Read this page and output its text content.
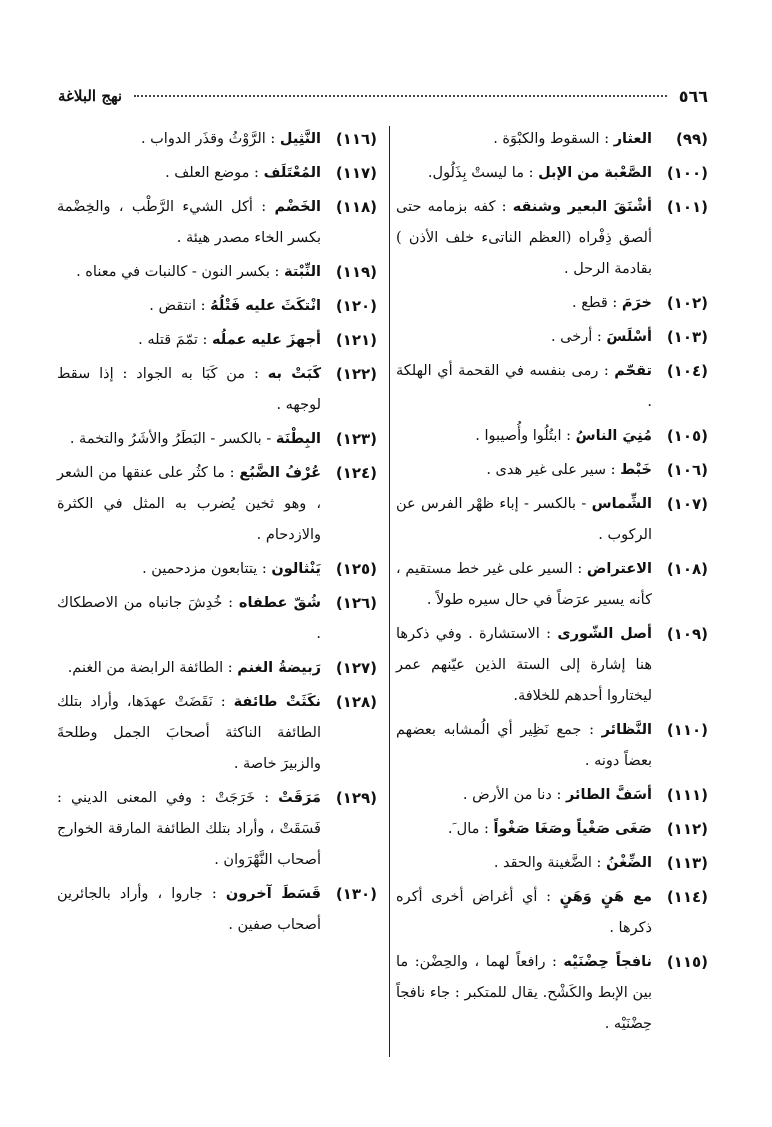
٥٦٦
نهج البلاغة
(٩٩)
العثار : السقوط والكبْوَة .
(١٠٠)
الصَّعْبة من الإبل : ما ليستْ بِذَلُول.
(١٠١)
أشْنَقَ البعير وشنقه : كفه بزمامه حتى ألصق ذِفْراه (العظم الناتىء خلف الأذن ) بقادمة الرحل .
(١٠٢)
خرَمَ : قطع .
(١٠٣)
أسْلَسَ : أرخى .
(١٠٤)
تقحّم : رمى بنفسه في القحمة أي الهلكة .
(١٠٥)
مُنِيَ الناسُ : ابتُلُوا وأُصيبوا .
(١٠٦)
خَبْط : سير على غير هدى .
(١٠٧)
الشِّماس - بالكسر - إباء ظهْر الفرس عن الركوب .
(١٠٨)
الاعتراض : السير على غير خط مستقيم ، كأنه يسير عرَضاً في حال سيره طولاً .
(١٠٩)
أصل الشّورى : الاستشارة . وفي ذكرها هنا إشارة إلى الستة الذين عيّنهم عمر ليختاروا أحدهم للخلافة.
(١١٠)
النَّظائر : جمع نَظِير أي الُمشابه بعضهم بعضاً دونه .
(١١١)
أسَفَّ الطائر : دنا من الأرض .
(١١٢)
صَغَى صَغْياً وصَغَا صَغْواً : مال َ.
(١١٣)
الضِّغْنُ : الضَّغينة والحقد .
(١١٤)
مع هَنٍ وَهَنٍ : أي أغراض أخرى أكره ذكرها .
(١١٥)
نافجاً حِضْنَيْه : رافعاً لهما ، والحِضْن: ما بين الإبط والكَشْح. يقال للمتكبر : جاء نافجاً حِضْنَيْه .
(١١٦)
النَّثِيل : الرَّوْثُ وقذَر الدواب .
(١١٧)
المُعْتَلَف : موضع العلف .
(١١٨)
الخَضْم : أكل الشيء الرَّطْب ، والخِضْمة بكسر الخاء مصدر هيئة .
(١١٩)
النِّبْتة : بكسر النون - كالنبات في معناه .
(١٢٠)
انْتكَثَ عليه فَتْلُهُ : انتقض .
(١٢١)
أجهزَ عليه عملُه : تمّمَ قتله .
(١٢٢)
كَبَتْ به : من كَبَا به الجواد : إذا سقط لوجهه .
(١٢٣)
البِطْنَة - بالكسر - البَطَرُ والأشَرُ والتخمة .
(١٢٤)
عُرْفُ الضَّبُع : ما كثُر على عنقها من الشعر ، وهو ثخين يُضرب به المثل في الكثرة والازدحام .
(١٢٥)
يَنْثالون : يتتابعون مزدحمين .
(١٢٦)
شُقّ عطفاه : خُدِشَ جانباه من الاصطكاك .
(١٢٧)
رَبيضةُ الغنم : الطائفة الرابضة من الغنم.
(١٢٨)
نكَثَتْ طائفة : نَقَضَتْ عهدَها، وأراد بتلك الطائفة الناكثة أصحابَ الجمل وطلحةَ والزبيرَ خاصة .
(١٢٩)
مَرَقَتْ : خَرَجَتْ : وفي المعنى الديني : فَسَقَتْ ، وأراد بتلك الطائفة المارقة الخوارج أصحاب النَّهْرَوان .
(١٣٠)
قَسَطَ آخرون : جاروا ، وأراد بالجائرين أصحاب صفين .
